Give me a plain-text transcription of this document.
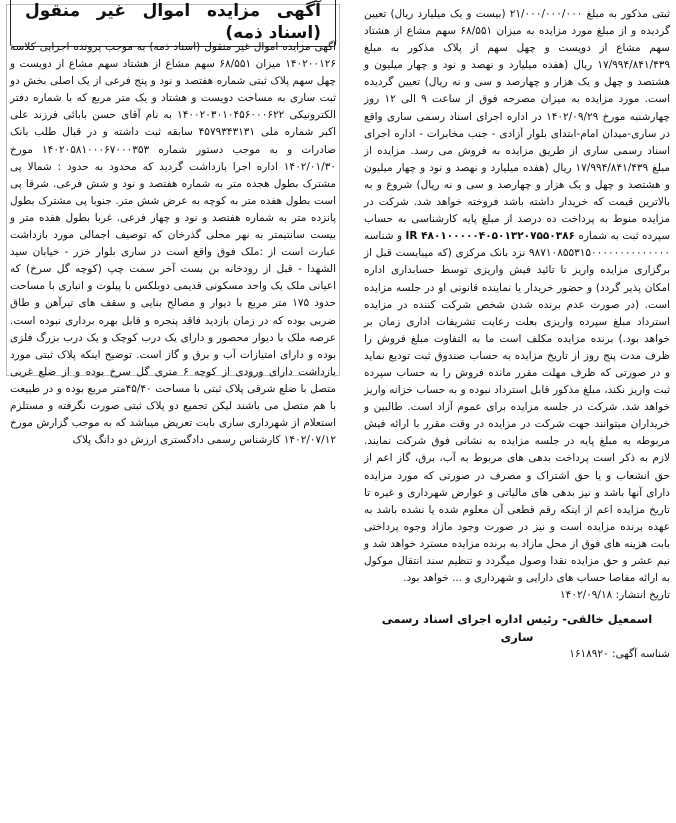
ثبتی مذکور به مبلغ ۲۱/۰۰۰/۰۰۰/۰۰۰ (بیست و یک میلیارد ریال) تعیین گردیده و از مبلغ مورد مزایده به میزان ۶۸/۵۵۱ سهم مشاع از هشتاد سهم مشاع از دویست و چهل سهم از پلاک مذکور به مبلغ ۱۷/۹۹۴/۸۴۱/۴۳۹ ریال (هفده میلیارد و نهصد و نود و چهار میلیون و هشتصد و چهل و یک هزار و چهارصد و سی و نه ریال) تعیین گردیده است. مورد مزایده به میزان مصرحه فوق از ساعت ۹ الی ۱۲ روز چهارشنبه مورخ ۱۴۰۲/۰۹/۲۹ در اداره اجرای اسناد رسمی ساری واقع در ساری-میدان امام-ابتدای بلوار آزادی - جنب مخابرات - اداره اجرای اسناد رسمی ساری از طریق مزایده به فروش می رسد. مزایده از مبلغ ۱۷/۹۹۴/۸۴۱/۴۳۹ ریال (هفده میلیارد و نهصد و نود و چهار میلیون و هشتصد و چهل و یک هزار و چهارصد و سی و نه ریال) شروع و به بالاترین قیمت که خریدار داشته باشد فروخته خواهد شد. شرکت در مزایده منوط به پرداخت ده درصد از مبلغ پایه کارشناسی به حساب سپرده ثبت به شماره IR ۴۸۰۱۰۰۰۰۰۴۰۵۰۱۳۲۰۷۵۵۰۳۸۶ و شناسه ۹۸۷۱۰۸۵۵۳۱۵۰۰۰۰۰۰۰۰۰۰۰۰۰۰ نزد بانک مرکزی (که میبایست قبل از برگزاری مزایده واریز تا تائید فیش واریزی توسط حسابداری اداره امکان پذیر گردد) و حضور خریدار یا نماینده قانونی او در جلسه مزایده است. (در صورت عدم برنده شدن شخص شرکت کننده در مزایده استرداد مبلغ سپرده واریزی بعلت رعایت تشریفات اداری زمان بر خواهد بود.) برنده مزایده مکلف است ما به التفاوت مبلغ فروش را ظرف مدت پنج روز از تاریخ مزایده به حساب صندوق ثبت تودیع نماید و در صورتی که ظرف مهلت مقرر مانده فروش را به حساب سپرده ثبت واریز نکند، مبلغ مذکور قابل استرداد نبوده و به حساب خزانه واریز خواهد شد. شرکت در جلسه مزایده برای عموم آزاد است. طالبین و خریداران میتوانند جهت شرکت در مزایده در وقت مقرر با ارائه فیش مربوطه به مبلغ پایه در جلسه مزایده به نشانی فوق شرکت نمایند. لازم به ذکر است پرداخت بدهی های مربوط به آب، برق، گاز اعم از حق انشعاب و یا حق اشتراک و مصرف در صورتی که مورد مزایده دارای آنها باشد و نیز بدهی های مالیاتی و عوارض شهرداری و غیره تا تاریخ مزایده اعم از اینکه رقم قطعی آن معلوم شده یا نشده باشد به عهده برنده مزایده است و نیز در صورت وجود مازاد وجوه پرداختی بابت هزینه های فوق از محل مازاد به برنده مزایده مسترد خواهد شد و نیم عشر و حق مزایده نقدا وصول میگردد و تنظیم سند انتقال موکول به ارائه مفاصا حساب های دارایی و شهرداری و ... خواهد بود.

تاریخ انتشار: ۱۴۰۲/۰۹/۱۸

اسمعیل خالقی- رئیس اداره اجرای اسناد رسمی ساری
شناسه آگهی: ۱۶۱۸۹۲۰
آگهی مزایده اموال غیر منقول (اسناد ذمه)

آگهی مزایده اموال غیر منقول (اسناد ذمه) به موجب پرونده اجرایی کلاسه ۱۴۰۲۰۰۱۲۶ میزان ۶۸/۵۵۱ سهم مشاع از هشتاد سهم مشاع از دویست و چهل سهم پلاک ثبتی شماره هفتصد و نود و پنج فرعی از یک اصلی بخش دو ثبت ساری به مساحت دویست و هشتاد و یک متر مربع که با شماره دفتر الکترونیکی ۱۴۰۰۲۰۳۰۱۰۴۵۶۰۰۰۶۲۲ به نام آقای حسن بابائی فرزند علی اکبر شماره ملی ۴۵۷۹۳۴۳۱۳۱ سابقه ثبت داشته و در قبال طلب بانک صادرات و به موجب دستور شماره ۱۴۰۲۰۵۸۱۰۰۰۶۷۰۰۰۳۵۳ مورخ ۱۴۰۲/۰۱/۳۰ اداره اجرا بازداشت گردید که محدود به حدود : شمالا پی مشترک بطول هجده متر به شماره هفتصد و نود و شش فرعی. شرقا پی است بطول هفده متر به کوچه به عرض شش متر. جنوبا پی مشترک بطول پانزده متر به شماره هفتصد و نود و چهار فرعی. غربا بطول هفده متر و بیست سانتیمتر به نهر محلی گذرخان که توصیف اجمالی مورد بازداشت عبارت است از :ملک فوق واقع است در ساری بلوار خزر - خیابان سید الشهدا - قبل از رودخانه بن بست آخر سمت چپ (کوچه گل سرخ) که اعیانی ملک یک واحد مسکونی قدیمی دوبلکس با پیلوت و انباری با مساحت حدود ۱۷۵ متر مربع با دیوار و مصالح بنایی و سقف های تیرآهن و طاق ضربی بوده که در زمان بازدید فاقد پنجره و قابل بهره برداری نبوده است. عرصه ملک با دیوار محصور و دارای یک درب کوچک و یک درب بزرگ فلزی بوده و دارای امتیازات آب و برق و گاز است. توضیح اینکه پلاک ثبتی مورد بازداشت دارای ورودی از کوچه ۶ متری گل سرخ بوده و از ضلع غربی متصل با ضلع شرقی پلاک ثبتی با مساحت ۴۵/۴۰متر مربع بوده و در طبیعت با هم متصل می باشند لیکن تجمیع دو پلاک ثبتی صورت نگرفته و مستلزم استعلام از شهرداری ساری بابت تعریض میباشد که به موجب گزارش مورخ ۱۴۰۲/۰۷/۱۲ کارشناس رسمی دادگستری ارزش دو دانگ پلاک
